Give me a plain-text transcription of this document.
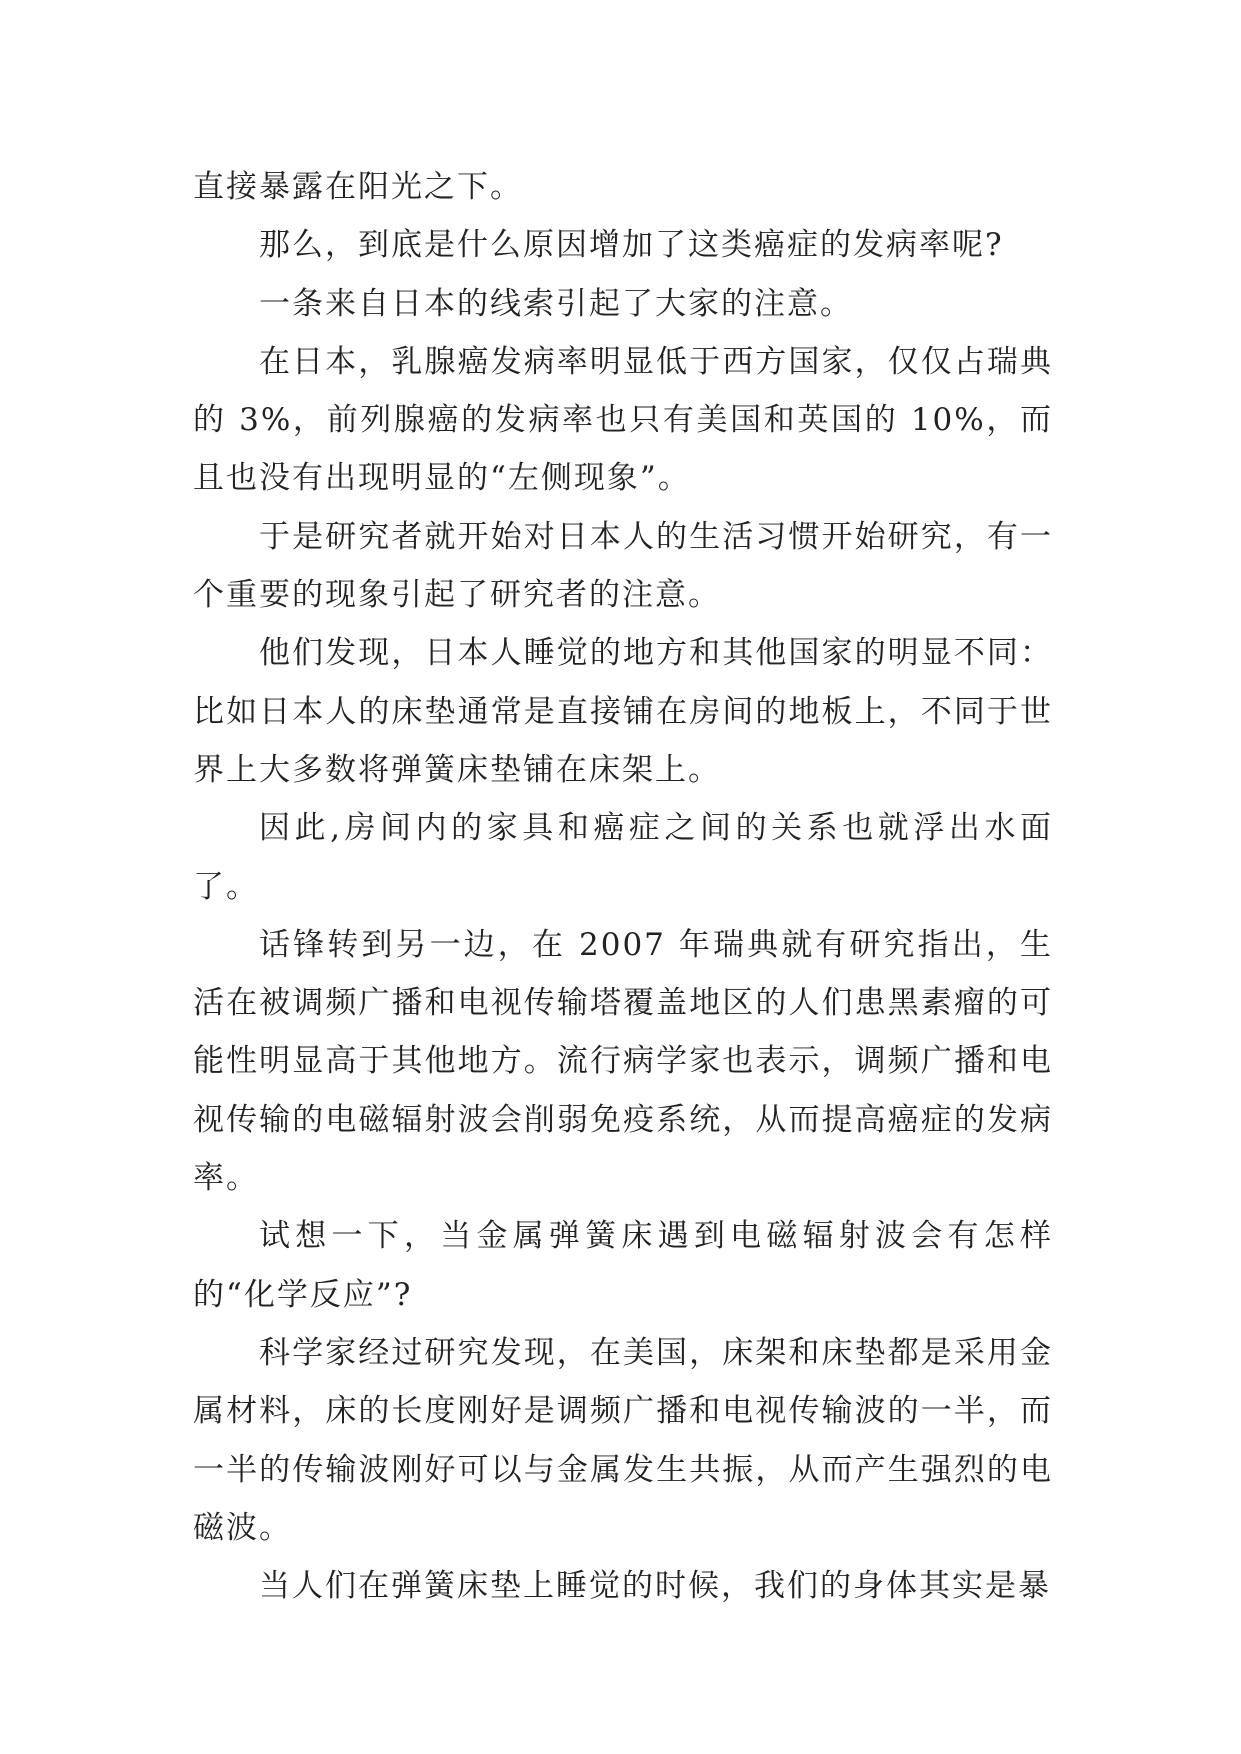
直接暴露在阳光之下。

那么，到底是什么原因增加了这类癌症的发病率呢?

一条来自日本的线索引起了大家的注意。

在日本，乳腺癌发病率明显低于西方国家，仅仅占瑞典的 3%，前列腺癌的发病率也只有美国和英国的 10%，而且也没有出现明显的“左侧现象”。

于是研究者就开始对日本人的生活习惯开始研究，有一个重要的现象引起了研究者的注意。

他们发现，日本人睡觉的地方和其他国家的明显不同：比如日本人的床垫通常是直接铺在房间的地板上，不同于世界上大多数将弹簧床垫铺在床架上。

因此,房间内的家具和癌症之间的关系也就浮出水面了。

话锋转到另一边，在 2007 年瑞典就有研究指出，生活在被调频广播和电视传输塔覆盖地区的人们患黑素瘤的可能性明显高于其他地方。流行病学家也表示，调频广播和电视传输的电磁辐射波会削弱免疫系统，从而提高癌症的发病率。

试想一下，当金属弹簧床遇到电磁辐射波会有怎样的“化学反应”?

科学家经过研究发现，在美国，床架和床垫都是采用金属材料，床的长度刚好是调频广播和电视传输波的一半，而一半的传输波刚好可以与金属发生共振，从而产生强烈的电磁波。

当人们在弹簧床垫上睡觉的时候，我们的身体其实是暴
